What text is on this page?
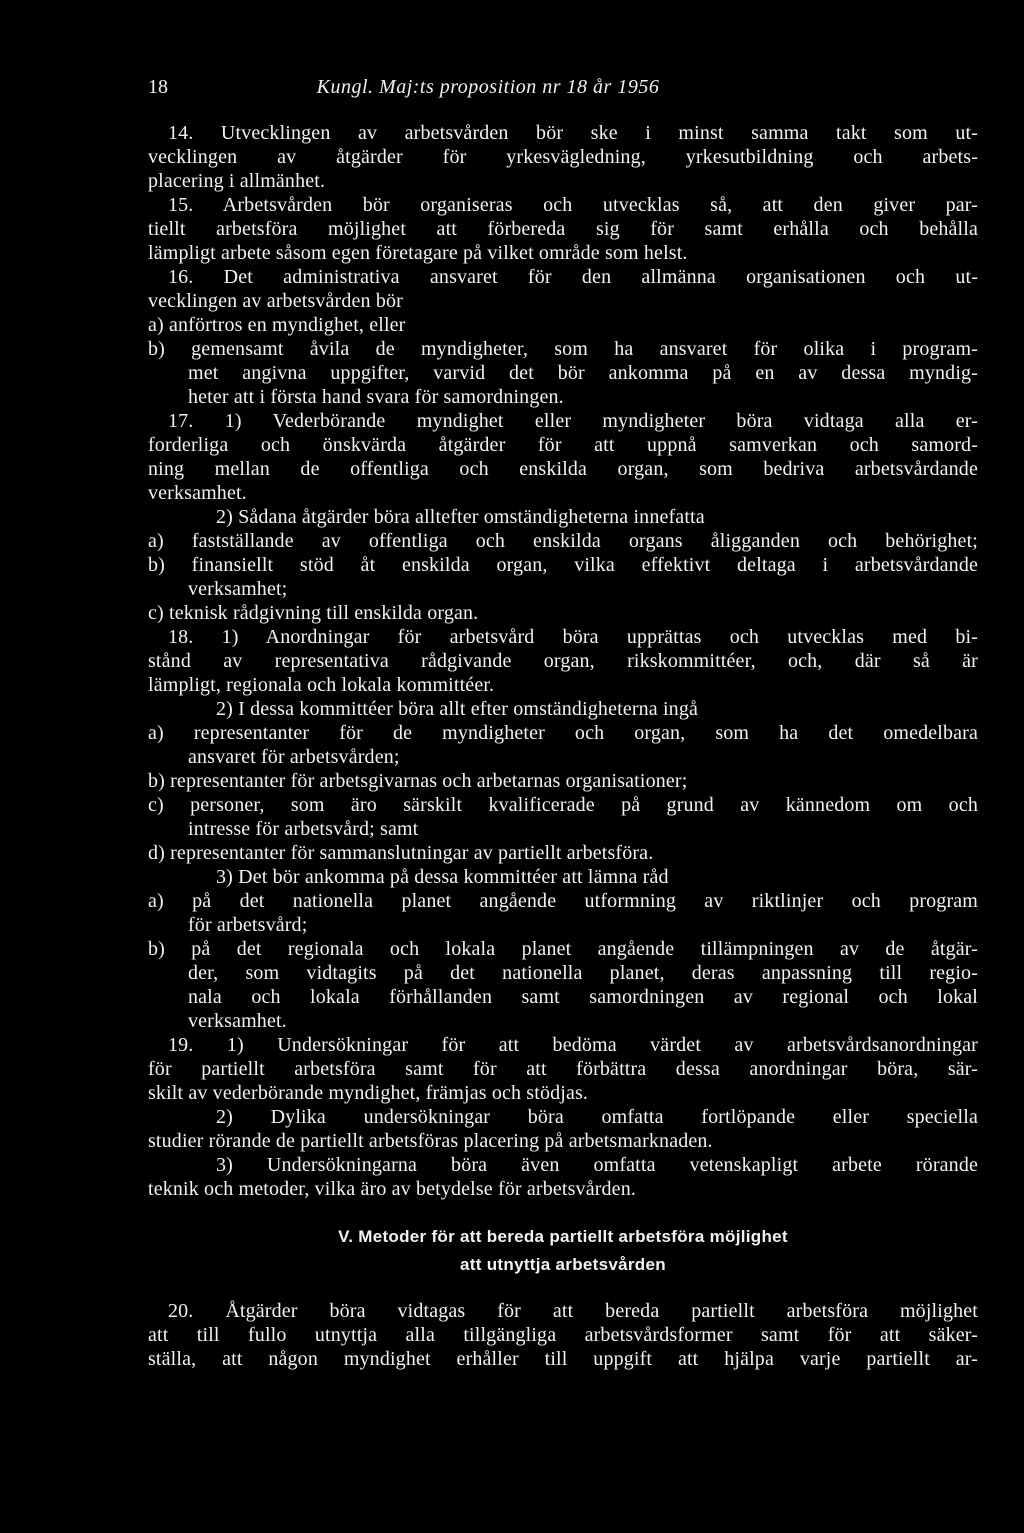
18	Kungl. Maj:ts proposition nr 18 år 1956
14. Utvecklingen av arbetsvården bör ske i minst samma takt som ut-
vecklingen av åtgärder för yrkesvägledning, yrkesutbildning och arbets-
placering i allmänhet.
15. Arbetsvården bör organiseras och utvecklas så, att den giver par-
tiellt arbetsföra möjlighet att förbereda sig för samt erhålla och behålla
lämpligt arbete såsom egen företagare på vilket område som helst.
16. Det administrativa ansvaret för den allmänna organisationen och ut-
vecklingen av arbetsvården bör
a) anförtros en myndighet, eller
b) gemensamt åvila de myndigheter, som ha ansvaret för olika i program-
met angivna uppgifter, varvid det bör ankomma på en av dessa myndig-
heter att i första hand svara för samordningen.
17. 1) Vederbörande myndighet eller myndigheter böra vidtaga alla er-
forderliga och önskvärda åtgärder för att uppnå samverkan och samord-
ning mellan de offentliga och enskilda organ, som bedriva arbetsvårdande
verksamhet.
2) Sådana åtgärder böra alltefter omständigheterna innefatta
a) fastställande av offentliga och enskilda organs åligganden och behörighet;
b) finansiellt stöd åt enskilda organ, vilka effektivt deltaga i arbetsvårdande
verksamhet;
c) teknisk rådgivning till enskilda organ.
18. 1) Anordningar för arbetsvård böra upprättas och utvecklas med bi-
stånd av representativa rådgivande organ, rikskommittéer, och, där så är
lämpligt, regionala och lokala kommittéer.
2) I dessa kommittéer böra allt efter omständigheterna ingå
a) representanter för de myndigheter och organ, som ha det omedelbara
ansvaret för arbetsvården;
b) representanter för arbetsgivarnas och arbetarnas organisationer;
c) personer, som äro särskilt kvalificerade på grund av kännedom om och
intresse för arbetsvård; samt
d) representanter för sammanslutningar av partiellt arbetsföra.
3) Det bör ankomma på dessa kommittéer att lämna råd
a) på det nationella planet angående utformning av riktlinjer och program
för arbetsvård;
b) på det regionala och lokala planet angående tillämpningen av de åtgär-
der, som vidtagits på det nationella planet, deras anpassning till regio-
nala och lokala förhållanden samt samordningen av regional och lokal
verksamhet.
19. 1) Undersökningar för att bedöma värdet av arbetsvårdsanordningar
för partiellt arbetsföra samt för att förbättra dessa anordningar böra, sär-
skilt av vederbörande myndighet, främjas och stödjas.
2) Dylika undersökningar böra omfatta fortlöpande eller speciella
studier rörande de partiellt arbetsföras placering på arbetsmarknaden.
3) Undersökningarna böra även omfatta vetenskapligt arbete rörande
teknik och metoder, vilka äro av betydelse för arbetsvården.
V. Metoder för att bereda partiellt arbetsföra möjlighet
att utnyttja arbetsvården
20. Åtgärder böra vidtagas för att bereda partiellt arbetsföra möjlighet
att till fullo utnyttja alla tillgängliga arbetsvårdsformer samt för att säker-
ställa, att någon myndighet erhåller till uppgift att hjälpa varje partiellt ar-
